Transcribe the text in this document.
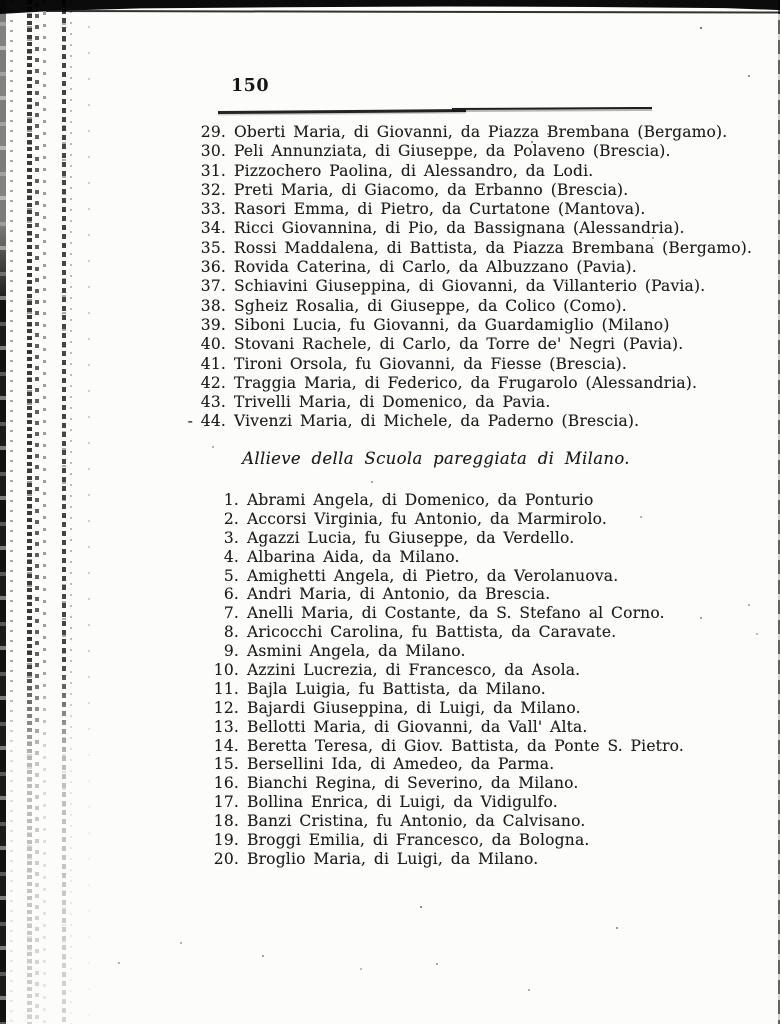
150
29. Oberti Maria, di Giovanni, da Piazza Brembana (Bergamo).
30. Peli Annunziata, di Giuseppe, da Polaveno (Brescia).
31. Pizzochero Paolina, di Alessandro, da Lodi.
32. Preti Maria, di Giacomo, da Erbanno (Brescia).
33. Rasori Emma, di Pietro, da Curtatone (Mantova).
34. Ricci Giovannina, di Pio, da Bassignana (Alessandria).
35. Rossi Maddalena, di Battista, da Piazza Brembana (Bergamo).
36. Rovida Caterina, di Carlo, da Albuzzano (Pavia).
37. Schiavini Giuseppina, di Giovanni, da Villanterio (Pavia).
38. Sgheiz Rosalia, di Giuseppe, da Colico (Como).
39. Siboni Lucia, fu Giovanni, da Guardamiglio (Milano)
40. Stovani Rachele, di Carlo, da Torre de' Negri (Pavia).
41. Tironi Orsola, fu Giovanni, da Fiesse (Brescia).
42. Traggia Maria, di Federico, da Frugarolo (Alessandria).
43. Trivelli Maria, di Domenico, da Pavia.
- 44. Vivenzi Maria, di Michele, da Paderno (Brescia).
Allieve della Scuola pareggiata di Milano.
1. Abrami Angela, di Domenico, da Ponturio
2. Accorsi Virginia, fu Antonio, da Marmirolo.
3. Agazzi Lucia, fu Giuseppe, da Verdello.
4. Albarina Aida, da Milano.
5. Amighetti Angela, di Pietro, da Verolanuova.
6. Andri Maria, di Antonio, da Brescia.
7. Anelli Maria, di Costante, da S. Stefano al Corno.
8. Aricocchi Carolina, fu Battista, da Caravate.
9. Asmini Angela, da Milano.
10. Azzini Lucrezia, di Francesco, da Asola.
11. Bajla Luigia, fu Battista, da Milano.
12. Bajardi Giuseppina, di Luigi, da Milano.
13. Bellotti Maria, di Giovanni, da Vall' Alta.
14. Beretta Teresa, di Giov. Battista, da Ponte S. Pietro.
15. Bersellini Ida, di Amedeo, da Parma.
16. Bianchi Regina, di Severino, da Milano.
17. Bollina Enrica, di Luigi, da Vidigulfo.
18. Banzi Cristina, fu Antonio, da Calvisano.
19. Broggi Emilia, di Francesco, da Bologna.
20. Broglio Maria, di Luigi, da Milano.
